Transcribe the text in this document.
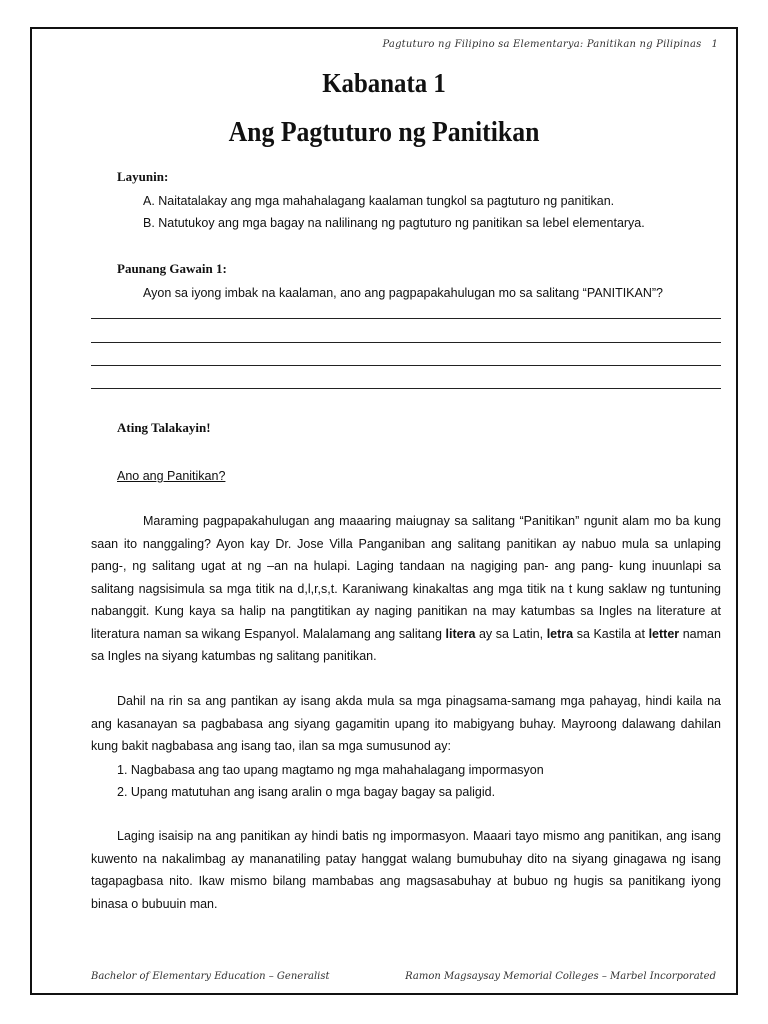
Pagtuturo ng Filipino sa Elementarya: Panitikan ng Pilipinas 1
Kabanata 1
Ang Pagtuturo ng Panitikan
Layunin:
A. Naitatalakay ang mga mahahalagang kaalaman tungkol sa pagtuturo ng panitikan.
B. Natutukoy ang mga bagay na nalilinang ng pagtuturo ng panitikan sa lebel elementarya.
Paunang Gawain 1:
Ayon sa iyong imbak na kaalaman, ano ang pagpapakahulugan mo sa salitang “PANITIKAN”?
Ating Talakayin!
Ano ang Panitikan?

Maraming pagpapakahulugan ang maaaring maiugnay sa salitang “Panitikan” ngunit alam mo ba kung saan ito nanggaling? Ayon kay Dr. Jose Villa Panganiban ang salitang panitikan ay nabuo mula sa unlaping pang-, ng salitang ugat at ng –an na hulapi. Laging tandaan na nagiging pan- ang pang- kung inuunlapi sa salitang nagsisimula sa mga titik na d,l,r,s,t. Karaniwang kinakaltas ang mga titik na t kung saklaw ng tuntuning nabanggit. Kung kaya sa halip na pangtitikan ay naging panitikan na may katumbas sa Ingles na literature at literatura naman sa wikang Espanyol. Malalamang ang salitang litera ay sa Latin, letra sa Kastila at letter naman sa Ingles na siyang katumbas ng salitang panitikan.

Dahil na rin sa ang pantikan ay isang akda mula sa mga pinagsama-samang mga pahayag, hindi kaila na ang kasanayan sa pagbabasa ang siyang gagamitin upang ito mabigyang buhay. Mayroong dalawang dahilan kung bakit nagbabasa ang isang tao, ilan sa mga sumusunod ay:

1. Nagbabasa ang tao upang magtamo ng mga mahahalagang impormasyon
2. Upang matutuhan ang isang aralin o mga bagay bagay sa paligid.

Laging isaisip na ang panitikan ay hindi batis ng impormasyon. Maaari tayo mismo ang panitikan, ang isang kuwento na nakalimbag ay mananatiling patay hanggat walang bumubuhay dito na siyang ginagawa ng isang tagapagbasa nito. Ikaw mismo bilang mambabas ang magsasabuhay at bubuo ng hugis sa panitikang iyong binasa o bubuuin man.

Bachelor of Elementary Education – Generalist	Ramon Magsaysay Memorial Colleges – Marbel Incorporated
